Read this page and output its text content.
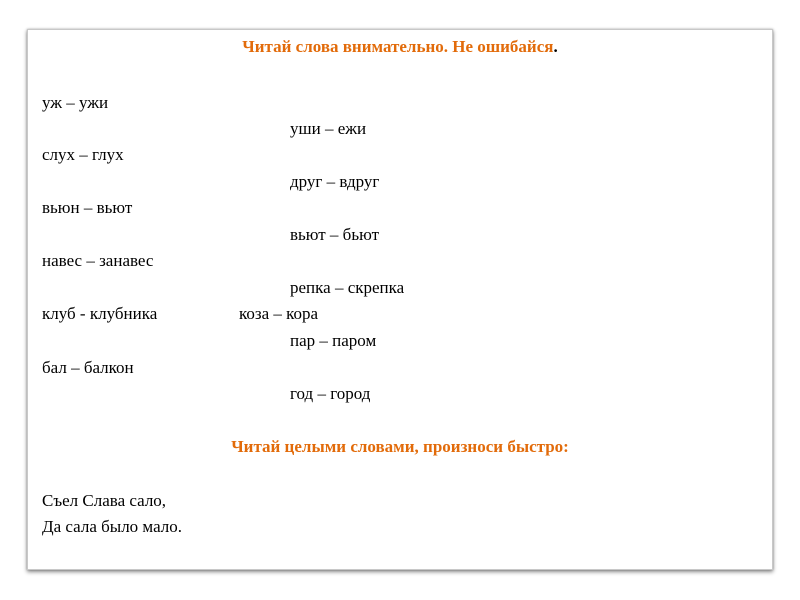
Читай слова внимательно. Не ошибайся.
уж – ужи
слух – глух
вьюн – вьют
навес – занавес
клуб - клубника
бал – балкон
коза – кора
уши – ежи
друг – вдруг
вьют – бьют
репка – скрепка
пар – паром
год – город
Читай целыми словами, произноси быстро:
Съел Слава сало,
Да сала было мало.
